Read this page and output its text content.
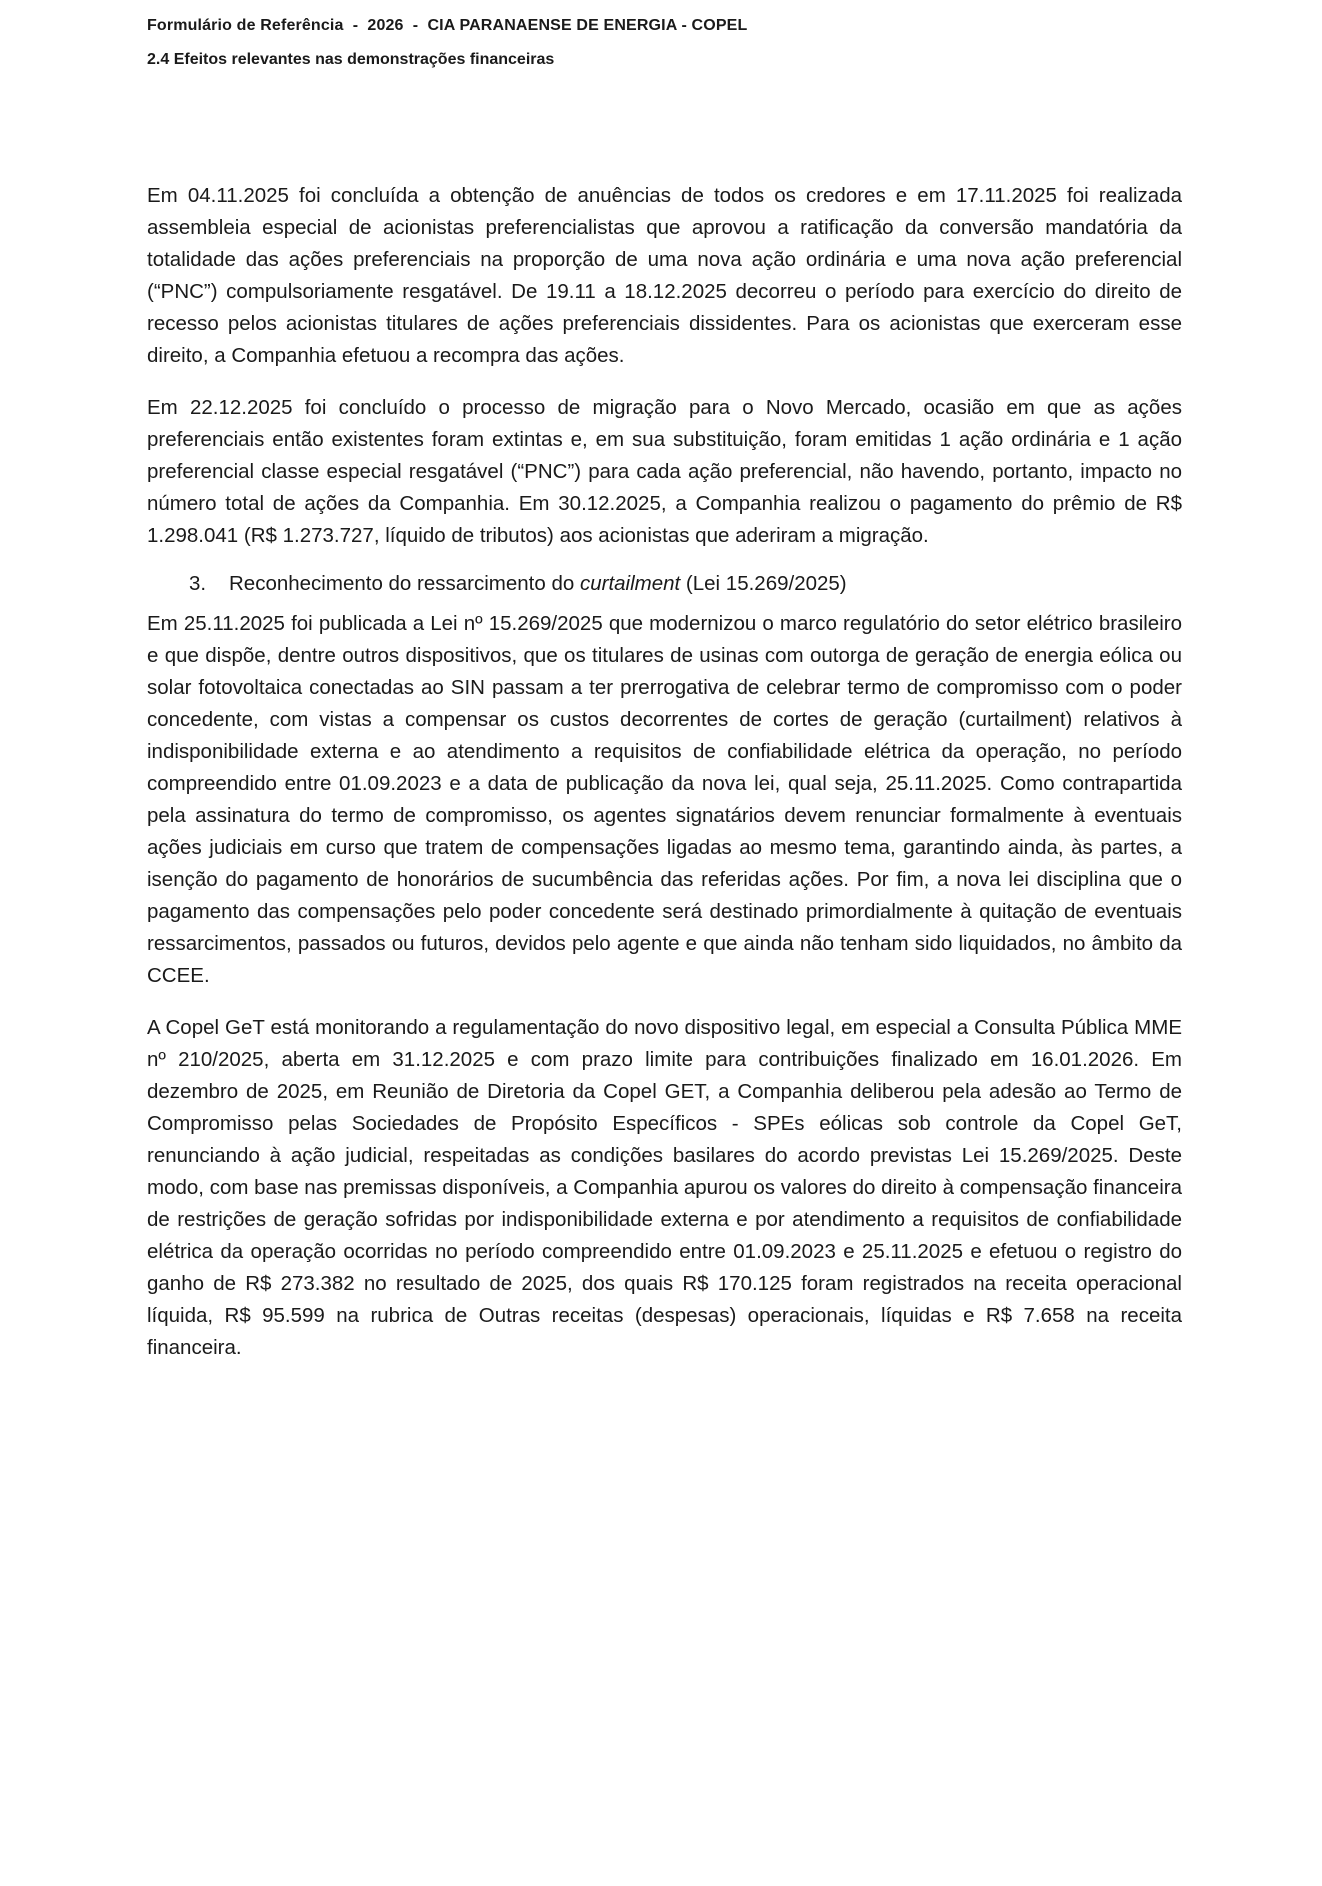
Formulário de Referência  -  2026  -  CIA PARANAENSE DE ENERGIA - COPEL
2.4 Efeitos relevantes nas demonstrações financeiras

Em 04.11.2025 foi concluída a obtenção de anuências de todos os credores e em 17.11.2025 foi realizada assembleia especial de acionistas preferencialistas que aprovou a ratificação da conversão mandatória da totalidade das ações preferenciais na proporção de uma nova ação ordinária e uma nova ação preferencial (“PNC”) compulsoriamente resgatável. De 19.11 a 18.12.2025 decorreu o período para exercício do direito de recesso pelos acionistas titulares de ações preferenciais dissidentes. Para os acionistas que exerceram esse direito, a Companhia efetuou a recompra das ações.

Em 22.12.2025 foi concluído o processo de migração para o Novo Mercado, ocasião em que as ações preferenciais então existentes foram extintas e, em sua substituição, foram emitidas 1 ação ordinária e 1 ação preferencial classe especial resgatável (“PNC”) para cada ação preferencial, não havendo, portanto, impacto no número total de ações da Companhia. Em 30.12.2025, a Companhia realizou o pagamento do prêmio de R$ 1.298.041 (R$ 1.273.727, líquido de tributos) aos acionistas que aderiram a migração.

3.	Reconhecimento do ressarcimento do curtailment (Lei 15.269/2025)

Em 25.11.2025 foi publicada a Lei nº 15.269/2025 que modernizou o marco regulatório do setor elétrico brasileiro e que dispõe, dentre outros dispositivos, que os titulares de usinas com outorga de geração de energia eólica ou solar fotovoltaica conectadas ao SIN passam a ter prerrogativa de celebrar termo de compromisso com o poder concedente, com vistas a compensar os custos decorrentes de cortes de geração (curtailment) relativos à indisponibilidade externa e ao atendimento a requisitos de confiabilidade elétrica da operação, no período compreendido entre 01.09.2023 e a data de publicação da nova lei, qual seja, 25.11.2025. Como contrapartida pela assinatura do termo de compromisso, os agentes signatários devem renunciar formalmente à eventuais ações judiciais em curso que tratem de compensações ligadas ao mesmo tema, garantindo ainda, às partes, a isenção do pagamento de honorários de sucumbência das referidas ações. Por fim, a nova lei disciplina que o pagamento das compensações pelo poder concedente será destinado primordialmente à quitação de eventuais ressarcimentos, passados ou futuros, devidos pelo agente e que ainda não tenham sido liquidados, no âmbito da CCEE.

A Copel GeT está monitorando a regulamentação do novo dispositivo legal, em especial a Consulta Pública MME nº 210/2025, aberta em 31.12.2025 e com prazo limite para contribuições finalizado em 16.01.2026. Em dezembro de 2025, em Reunião de Diretoria da Copel GET, a Companhia deliberou pela adesão ao Termo de Compromisso pelas Sociedades de Propósito Específicos - SPEs eólicas sob controle da Copel GeT, renunciando à ação judicial, respeitadas as condições basilares do acordo previstas Lei 15.269/2025. Deste modo, com base nas premissas disponíveis, a Companhia apurou os valores do direito à compensação financeira de restrições de geração sofridas por indisponibilidade externa e por atendimento a requisitos de confiabilidade elétrica da operação ocorridas no período compreendido entre 01.09.2023 e 25.11.2025 e efetuou o registro do ganho de R$ 273.382 no resultado de 2025, dos quais R$ 170.125 foram registrados na receita operacional líquida, R$ 95.599 na rubrica de Outras receitas (despesas) operacionais, líquidas e R$ 7.658 na receita financeira.
